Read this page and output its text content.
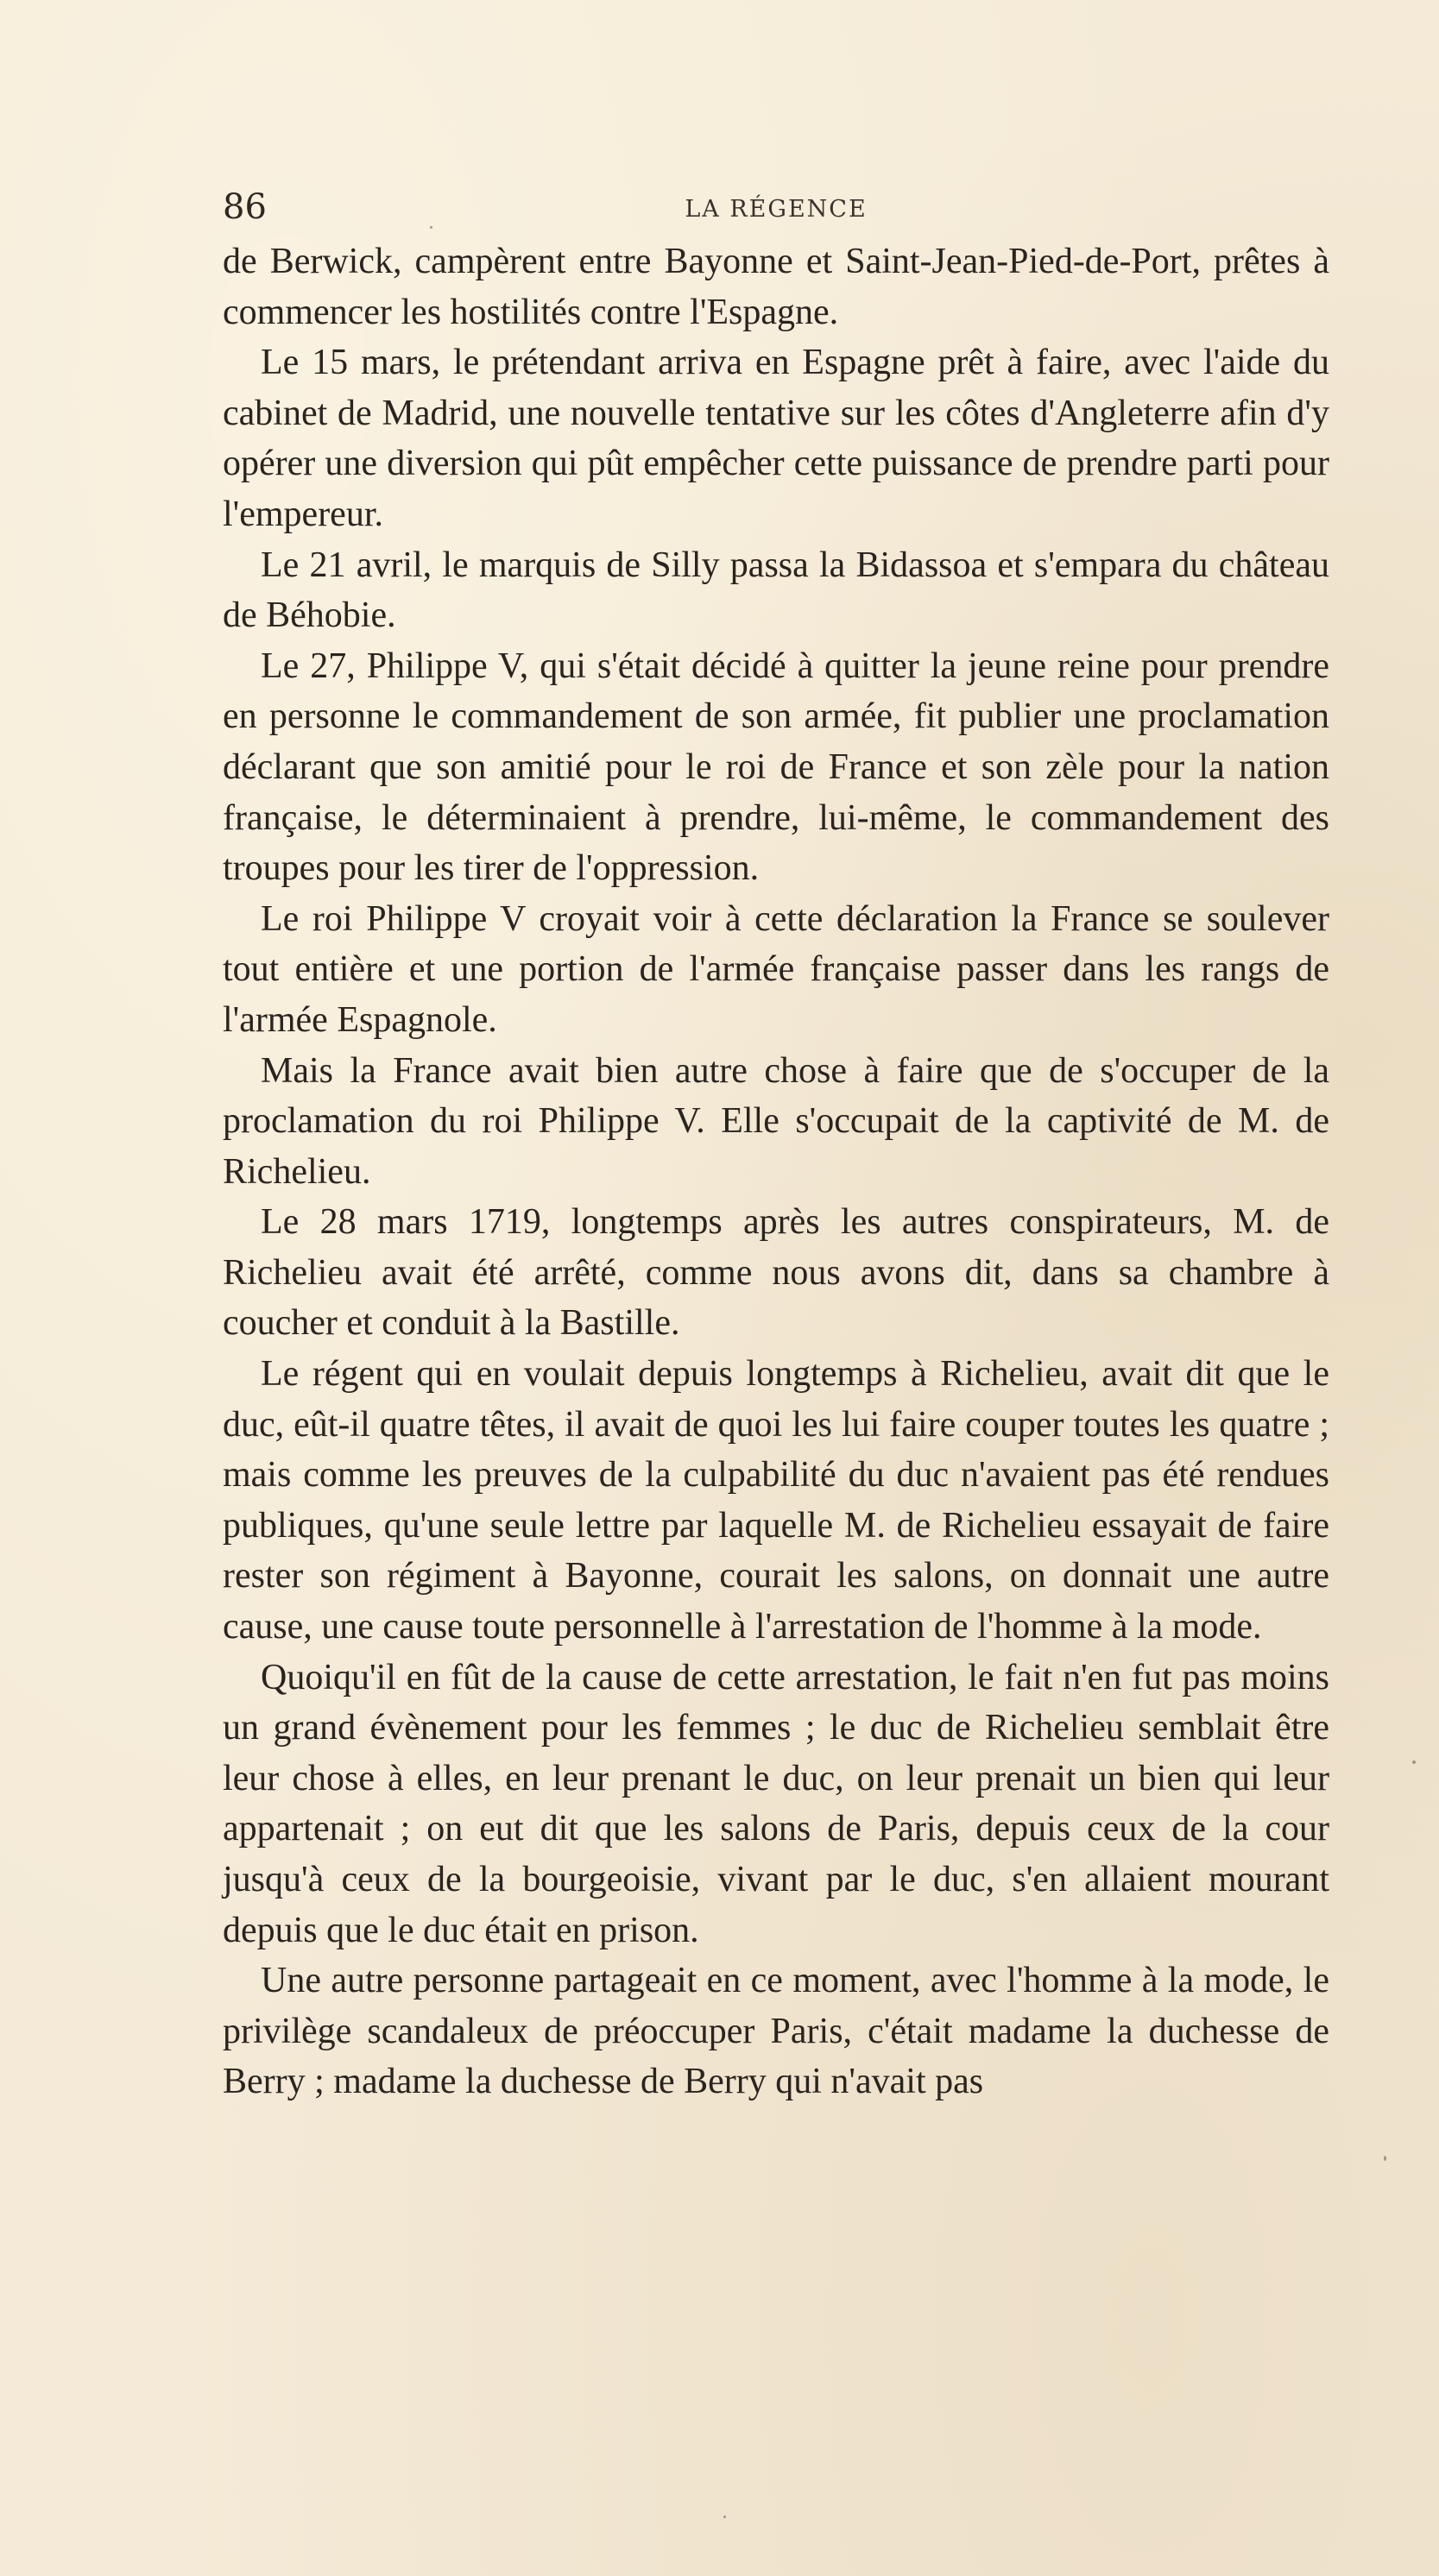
86	LA RÉGENCE

de Berwick, campèrent entre Bayonne et Saint-Jean-Pied-de-Port, prêtes à commencer les hostilités contre l'Espagne.

Le 15 mars, le prétendant arriva en Espagne prêt à faire, avec l'aide du cabinet de Madrid, une nouvelle tentative sur les côtes d'Angleterre afin d'y opérer une diversion qui pût empêcher cette puissance de prendre parti pour l'empereur.

Le 21 avril, le marquis de Silly passa la Bidassoa et s'empara du château de Béhobie.

Le 27, Philippe V, qui s'était décidé à quitter la jeune reine pour prendre en personne le commandement de son armée, fit publier une proclamation déclarant que son amitié pour le roi de France et son zèle pour la nation française, le déterminaient à prendre, lui-même, le commandement des troupes pour les tirer de l'oppression.

Le roi Philippe V croyait voir à cette déclaration la France se soulever tout entière et une portion de l'armée française passer dans les rangs de l'armée Espagnole.

Mais la France avait bien autre chose à faire que de s'occuper de la proclamation du roi Philippe V. Elle s'occupait de la captivité de M. de Richelieu.

Le 28 mars 1719, longtemps après les autres conspirateurs, M. de Richelieu avait été arrêté, comme nous avons dit, dans sa chambre à coucher et conduit à la Bastille.

Le régent qui en voulait depuis longtemps à Richelieu, avait dit que le duc, eût-il quatre têtes, il avait de quoi les lui faire couper toutes les quatre ; mais comme les preuves de la culpabilité du duc n'avaient pas été rendues publiques, qu'une seule lettre par laquelle M. de Richelieu essayait de faire rester son régiment à Bayonne, courait les salons, on donnait une autre cause, une cause toute personnelle à l'arrestation de l'homme à la mode.

Quoiqu'il en fût de la cause de cette arrestation, le fait n'en fut pas moins un grand évènement pour les femmes ; le duc de Richelieu semblait être leur chose à elles, en leur prenant le duc, on leur prenait un bien qui leur appartenait ; on eut dit que les salons de Paris, depuis ceux de la cour jusqu'à ceux de la bourgeoisie, vivant par le duc, s'en allaient mourant depuis que le duc était en prison.

Une autre personne partageait en ce moment, avec l'homme à la mode, le privilège scandaleux de préoccuper Paris, c'était madame la duchesse de Berry ; madame la duchesse de Berry qui n'avait pas
